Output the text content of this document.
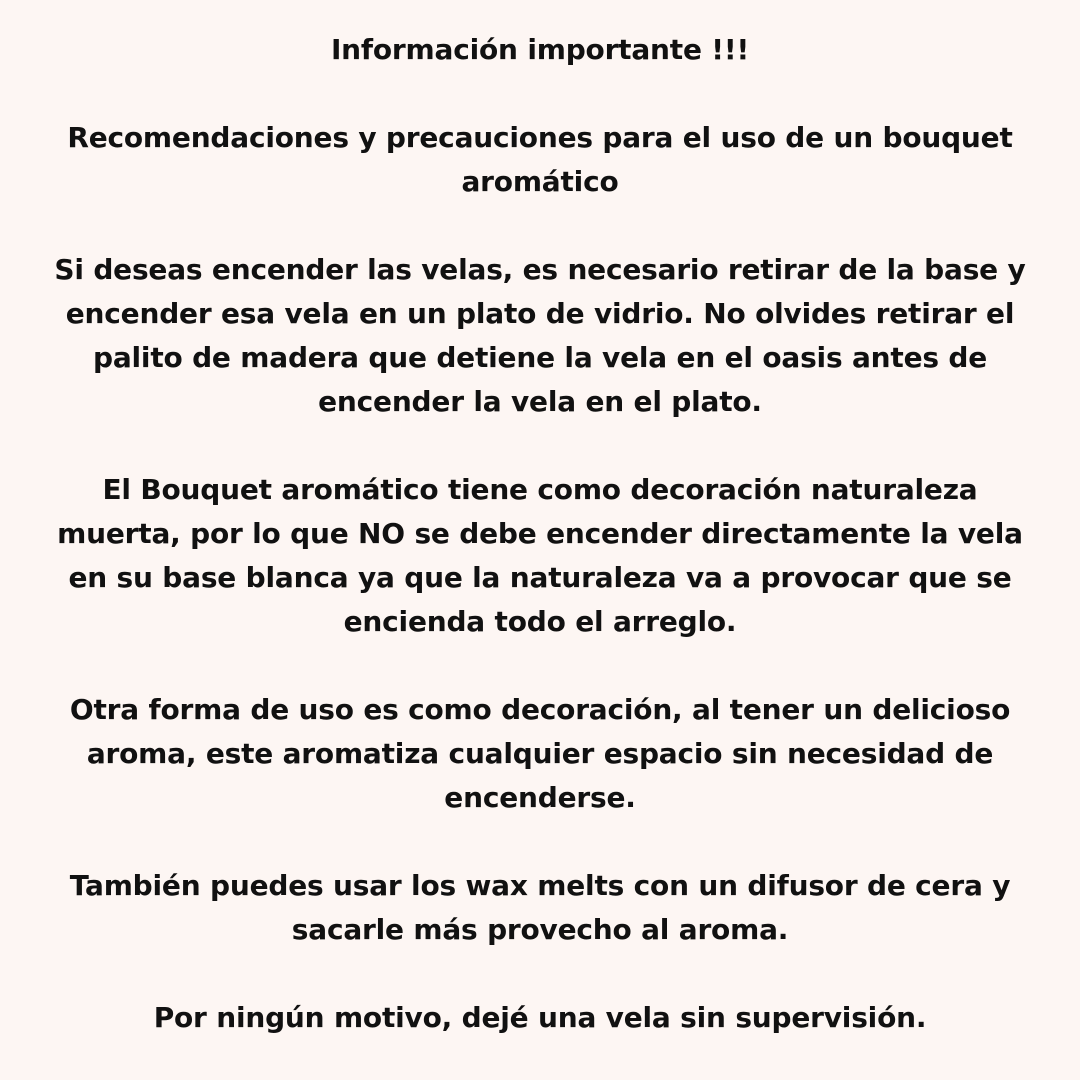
Información importante !!!

Recomendaciones y precauciones para el uso de un bouquet
aromático

Si deseas encender las velas, es necesario retirar de la base y
encender esa vela en un plato de vidrio. No olvides retirar el
palito de madera que detiene la vela en el oasis antes de
encender la vela en el plato.

El Bouquet aromático tiene como decoración naturaleza
muerta, por lo que NO se debe encender directamente la vela
en su base blanca ya que la naturaleza va a provocar que se
encienda todo el arreglo.

Otra forma de uso es como decoración, al tener un delicioso
aroma, este aromatiza cualquier espacio sin necesidad de
encenderse.

También puedes usar los wax melts con un difusor de cera y
sacarle más provecho al aroma.

Por ningún motivo, dejé una vela sin supervisión.
